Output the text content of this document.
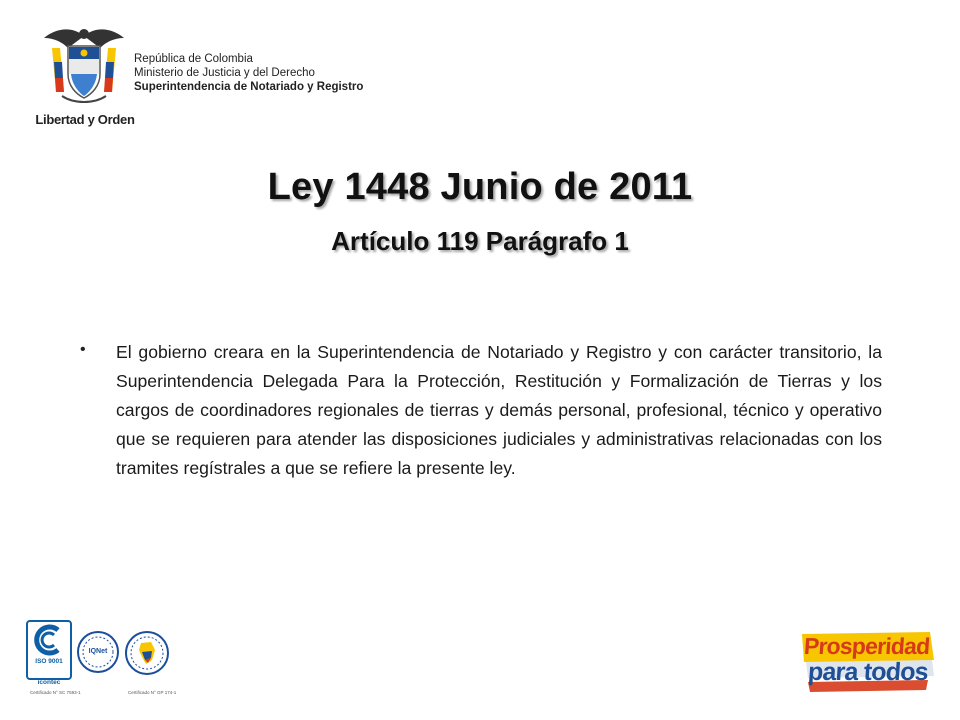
Libertad y Orden
República de Colombia
Ministerio de Justicia y del Derecho
Superintendencia de Notariado y Registro
Ley 1448 Junio de 2011
Artículo 119 Parágrafo 1
• El gobierno creara en la Superintendencia de Notariado y Registro y con carácter transitorio, la Superintendencia Delegada Para la Protección, Restitución y Formalización de Tierras y los cargos de coordinadores regionales de tierras y demás personal, profesional, técnico y operativo que se requieren para atender las disposiciones judiciales y administrativas relacionadas con los tramites regístrales a que se refiere la presente ley.
ISO 9001
icontec
Certificado N° SC 7593-1
IQNet
Certificado N° GP 174-1
Prosperidad
para todos
